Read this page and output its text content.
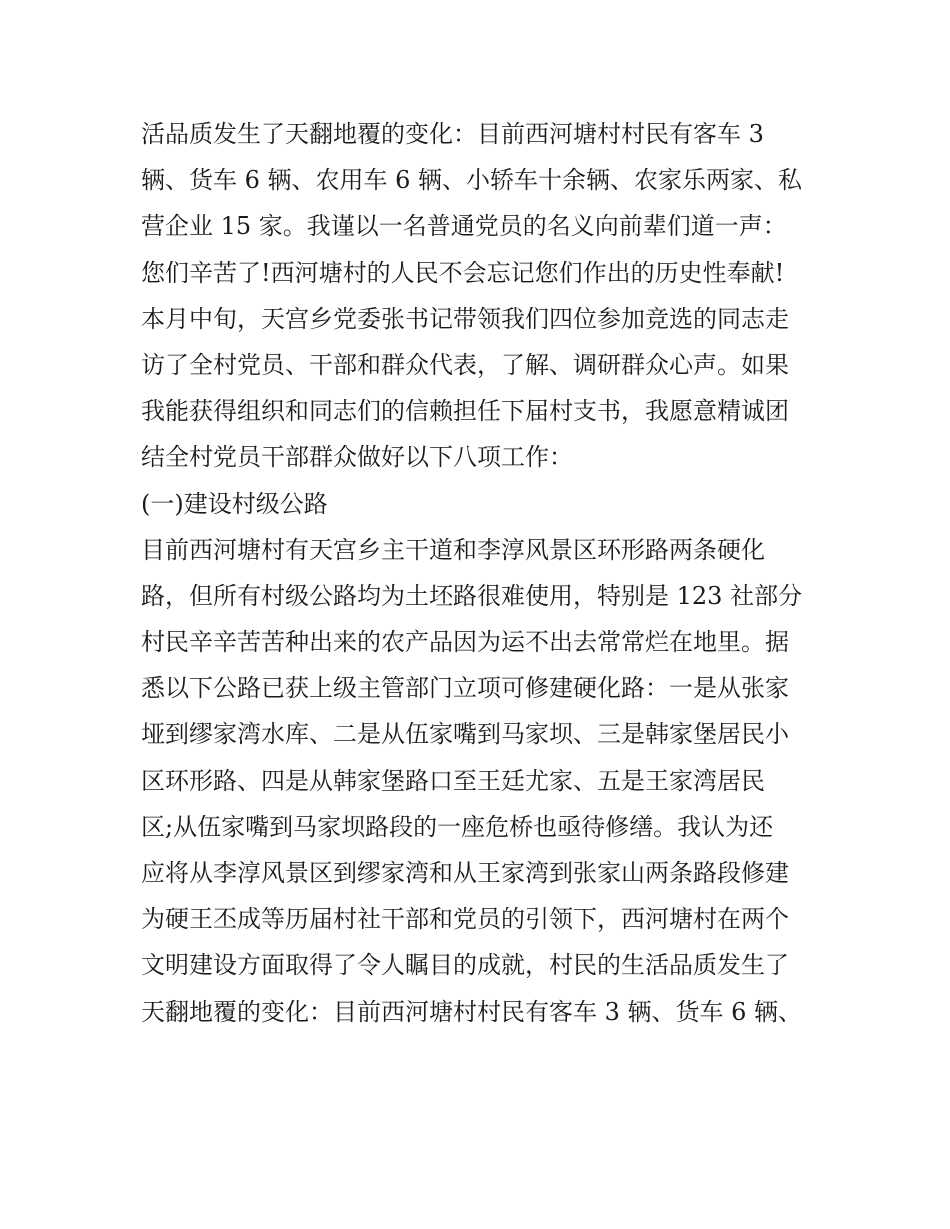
活品质发生了天翻地覆的变化：目前西河塘村村民有客车 3
辆、货车 6 辆、农用车 6 辆、小轿车十余辆、农家乐两家、私
营企业 15 家。我谨以一名普通党员的名义向前辈们道一声：
您们辛苦了!西河塘村的人民不会忘记您们作出的历史性奉献!
本月中旬，天宫乡党委张书记带领我们四位参加竞选的同志走
访了全村党员、干部和群众代表，了解、调研群众心声。如果
我能获得组织和同志们的信赖担任下届村支书，我愿意精诚团
结全村党员干部群众做好以下八项工作：
(一)建设村级公路
目前西河塘村有天宫乡主干道和李淳风景区环形路两条硬化
路，但所有村级公路均为土坯路很难使用，特别是 123 社部分
村民辛辛苦苦种出来的农产品因为运不出去常常烂在地里。据
悉以下公路已获上级主管部门立项可修建硬化路：一是从张家
垭到缪家湾水库、二是从伍家嘴到马家坝、三是韩家堡居民小
区环形路、四是从韩家堡路口至王廷尤家、五是王家湾居民
区;从伍家嘴到马家坝路段的一座危桥也亟待修缮。我认为还
应将从李淳风景区到缪家湾和从王家湾到张家山两条路段修建
为硬王丕成等历届村社干部和党员的引领下，西河塘村在两个
文明建设方面取得了令人瞩目的成就，村民的生活品质发生了
天翻地覆的变化：目前西河塘村村民有客车 3 辆、货车 6 辆、
